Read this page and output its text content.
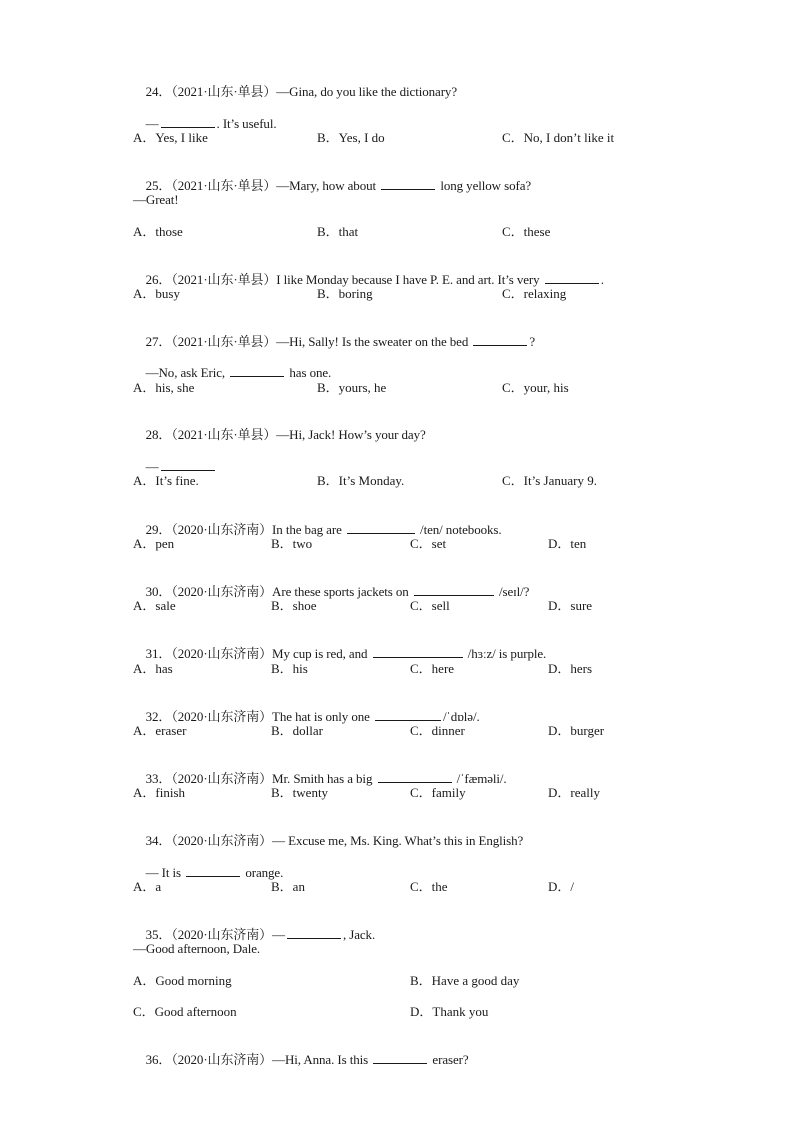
24．（2021·山东·单县）—Gina, do you like the dictionary?

—	. It’s useful.

A．Yes, I like	B．Yes, I do	C．No, I don’t like it

25．（2021·山东·单县）—Mary, how about	long yellow sofa?

—Great!
A．those	B．that	C．these

26．（2021·山东·单县）I like Monday because I have P. E. and art. It’s very	.

A．busy	B．boring	C．relaxing

27．（2021·山东·单县）—Hi, Sally! Is the sweater on the bed	?

—No, ask Eric,	has one.

A．his, she	B．yours, he	C．your, his

28．（2021·山东·单县）—Hi, Jack! How’s your day?

—

A．It’s fine.	B．It’s Monday.	C．It’s January 9.

29．（2020·山东济南）In the bag are	/ten/ notebooks.

A．pen	B．two	C．set	D．ten

30．（2020·山东济南）Are these sports jackets on	/seɪl/?

A．sale	B．shoe	C．sell	D．sure

31．（2020·山东济南）My cup is red, and	/hɜːz/ is purple.

A．has	B．his	C．here	D．hers

32．（2020·山东济南）The hat is only one	/ˈdɒlə/.

A．eraser	B．dollar	C．dinner	D．burger

33．（2020·山东济南）Mr. Smith has a big	/ˈfæməli/.

A．finish	B．twenty	C．family	D．really

34．（2020·山东济南）— Excuse me, Ms. King. What’s this in English?

— It is	orange.

A．a	B．an	C．the	D．/

35．（2020·山东济南）—	, Jack.

—Good afternoon, Dale.
A．Good morning	B．Have a good day
C．Good afternoon	D．Thank you

36．（2020·山东济南）—Hi, Anna. Is this	eraser?
